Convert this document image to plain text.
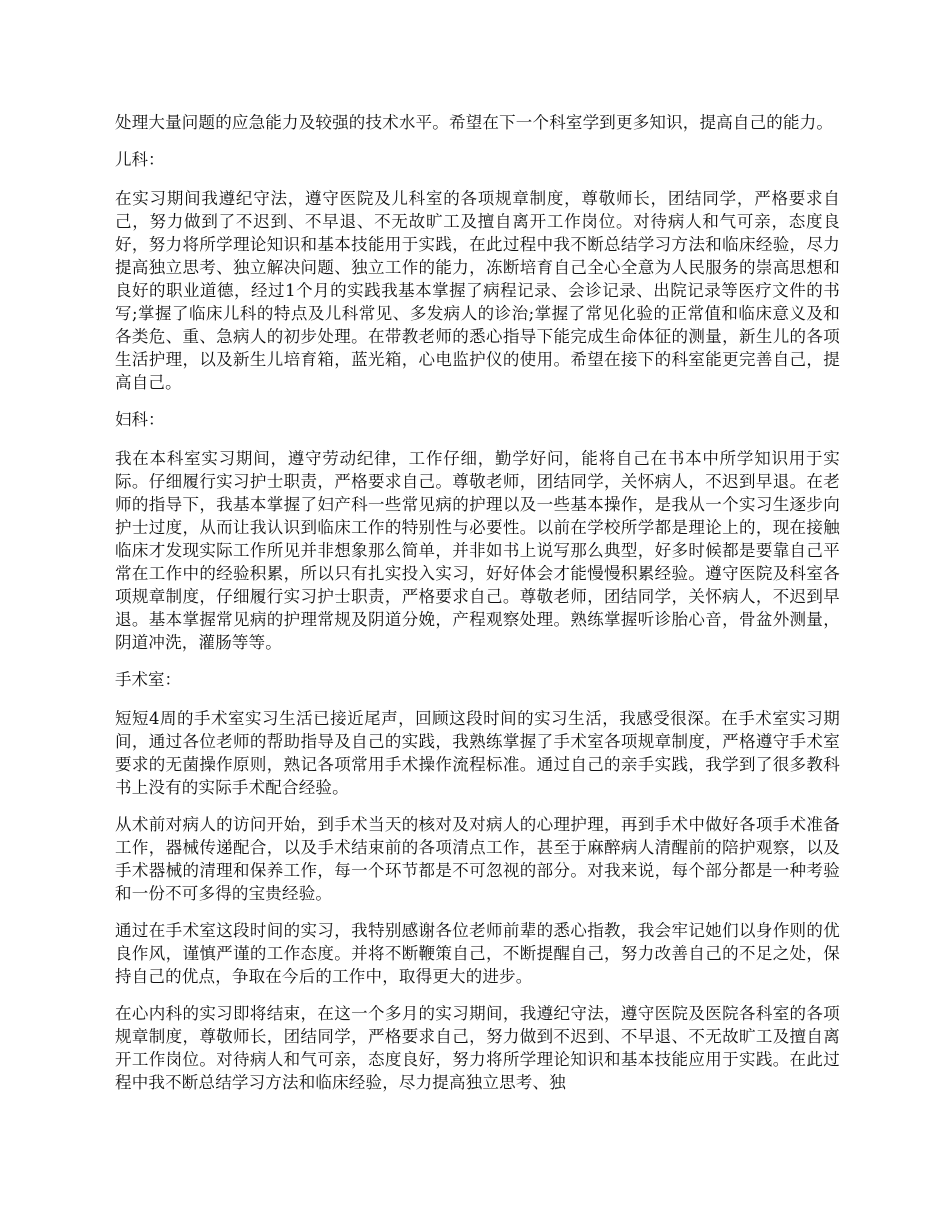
处理大量问题的应急能力及较强的技术水平。希望在下一个科室学到更多知识，提高自己的能力。

儿科：

在实习期间我遵纪守法，遵守医院及儿科室的各项规章制度，尊敬师长，团结同学，严格要求自己，努力做到了不迟到、不早退、不无故旷工及擅自离开工作岗位。对待病人和气可亲，态度良好，努力将所学理论知识和基本技能用于实践，在此过程中我不断总结学习方法和临床经验，尽力提高独立思考、独立解决问题、独立工作的能力，冻断培育自己全心全意为人民服务的崇高思想和良好的职业道德，经过1个月的实践我基本掌握了病程记录、会诊记录、出院记录等医疗文件的书写;掌握了临床儿科的特点及儿科常见、多发病人的诊治;掌握了常见化验的正常值和临床意义及和各类危、重、急病人的初步处理。在带教老师的悉心指导下能完成生命体征的测量，新生儿的各项生活护理，以及新生儿培育箱，蓝光箱，心电监护仪的使用。希望在接下的科室能更完善自己，提高自己。

妇科：

我在本科室实习期间，遵守劳动纪律，工作仔细，勤学好问，能将自己在书本中所学知识用于实际。仔细履行实习护士职责，严格要求自己。尊敬老师，团结同学，关怀病人，不迟到早退。在老师的指导下，我基本掌握了妇产科一些常见病的护理以及一些基本操作，是我从一个实习生逐步向护士过度，从而让我认识到临床工作的特别性与必要性。以前在学校所学都是理论上的，现在接触临床才发现实际工作所见并非想象那么简单，并非如书上说写那么典型，好多时候都是要靠自己平常在工作中的经验积累，所以只有扎实投入实习，好好体会才能慢慢积累经验。遵守医院及科室各项规章制度，仔细履行实习护士职责，严格要求自己。尊敬老师，团结同学，关怀病人，不迟到早退。基本掌握常见病的护理常规及阴道分娩，产程观察处理。熟练掌握听诊胎心音，骨盆外测量，阴道冲洗，灌肠等等。

手术室：

短短4周的手术室实习生活已接近尾声，回顾这段时间的实习生活，我感受很深。在手术室实习期间，通过各位老师的帮助指导及自己的实践，我熟练掌握了手术室各项规章制度，严格遵守手术室要求的无菌操作原则，熟记各项常用手术操作流程标准。通过自己的亲手实践，我学到了很多教科书上没有的实际手术配合经验。

从术前对病人的访问开始，到手术当天的核对及对病人的心理护理，再到手术中做好各项手术准备工作，器械传递配合，以及手术结束前的各项清点工作，甚至于麻醉病人清醒前的陪护观察，以及手术器械的清理和保养工作，每一个环节都是不可忽视的部分。对我来说，每个部分都是一种考验和一份不可多得的宝贵经验。

通过在手术室这段时间的实习，我特别感谢各位老师前辈的悉心指教，我会牢记她们以身作则的优良作风，谨慎严谨的工作态度。并将不断鞭策自己，不断提醒自己，努力改善自己的不足之处，保持自己的优点，争取在今后的工作中，取得更大的进步。

在心内科的实习即将结束，在这一个多月的实习期间，我遵纪守法，遵守医院及医院各科室的各项规章制度，尊敬师长，团结同学，严格要求自己，努力做到不迟到、不早退、不无故旷工及擅自离开工作岗位。对待病人和气可亲，态度良好，努力将所学理论知识和基本技能应用于实践。在此过程中我不断总结学习方法和临床经验，尽力提高独立思考、独
